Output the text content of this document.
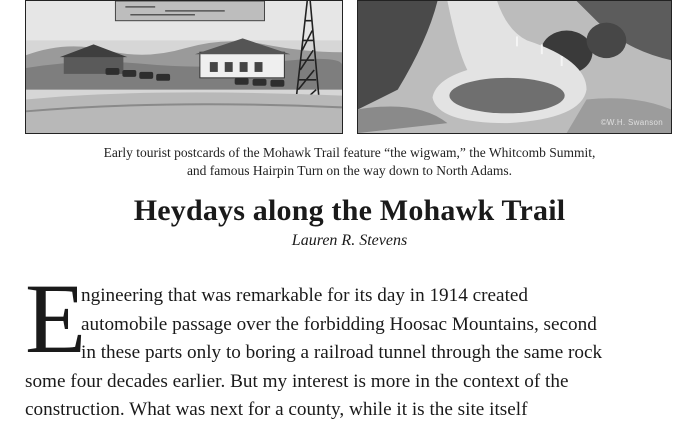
©W.H. Swanson
Early tourist postcards of the Mohawk Trail feature “the wigwam,” the Whitcomb Summit,
and famous Hairpin Turn on the way down to North Adams.
Heydays along the Mohawk Trail
Lauren R. Stevens
E
ngineering that was remarkable for its day in 1914 created
automobile passage over the forbidding Hoosac Mountains, second
in these parts only to boring a railroad tunnel through the same rock
some four decades earlier. But my interest is more in the context of the
construction. What was next for a county, while it is the site itself
